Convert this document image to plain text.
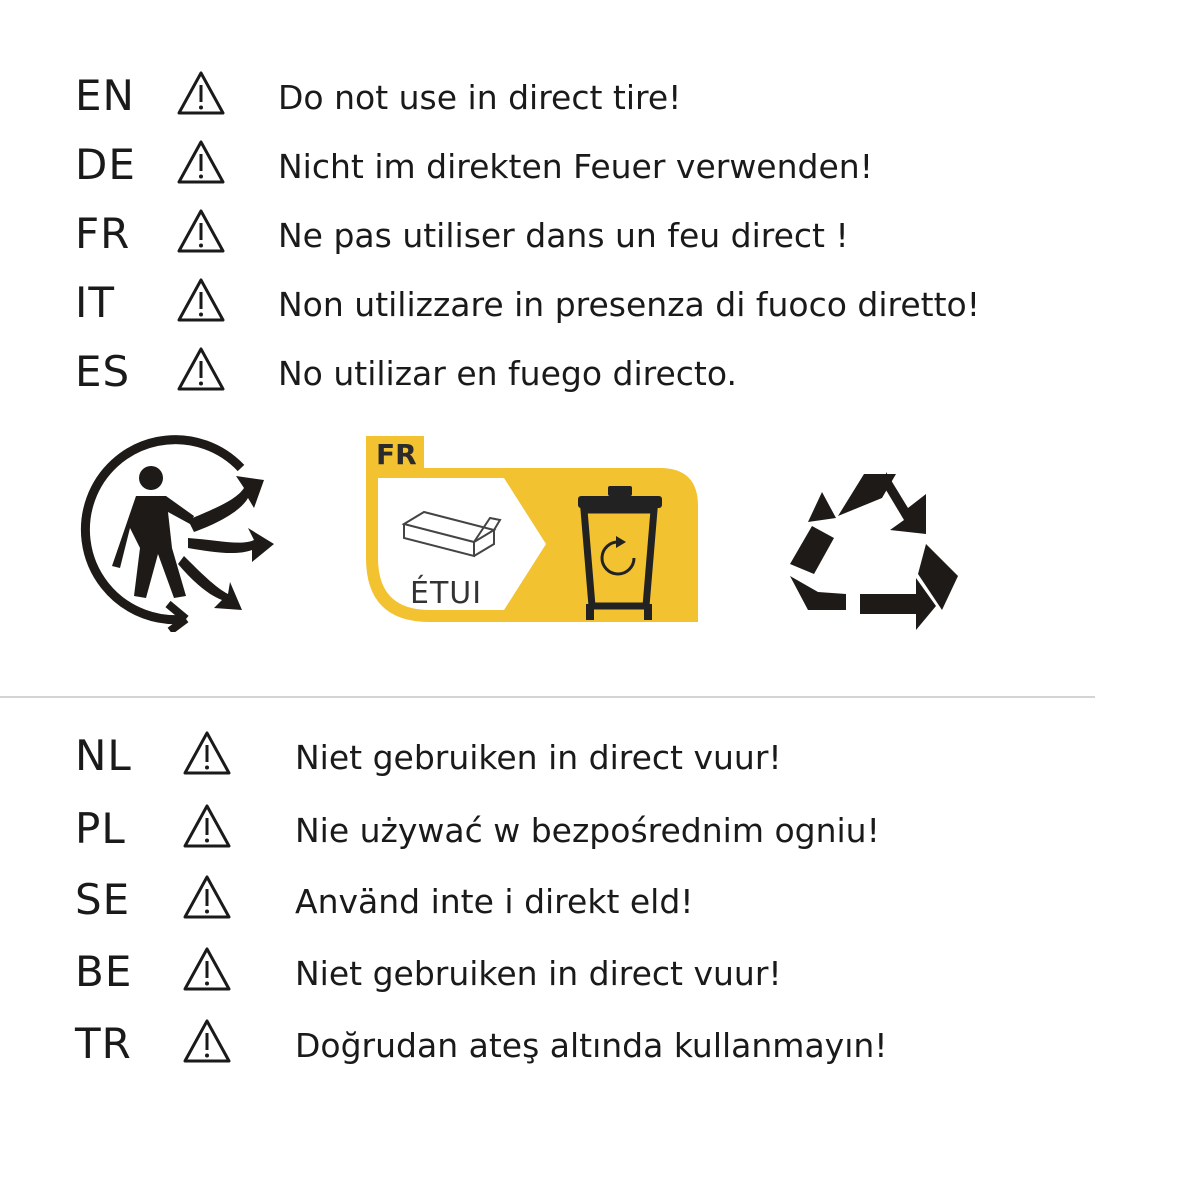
EN	Do not use in direct tire!
DE	Nicht im direkten Feuer verwenden!
FR	Ne pas utiliser dans un feu direct !
IT	Non utilizzare in presenza di fuoco diretto!
ES	No utilizar en fuego directo.
FR
ÉTUI
NL	Niet gebruiken in direct vuur!
PL	Nie używać w bezpośrednim ogniu!
SE	Använd inte i direkt eld!
BE	Niet gebruiken in direct vuur!
TR	Doğrudan ateş altında kullanmayın!
